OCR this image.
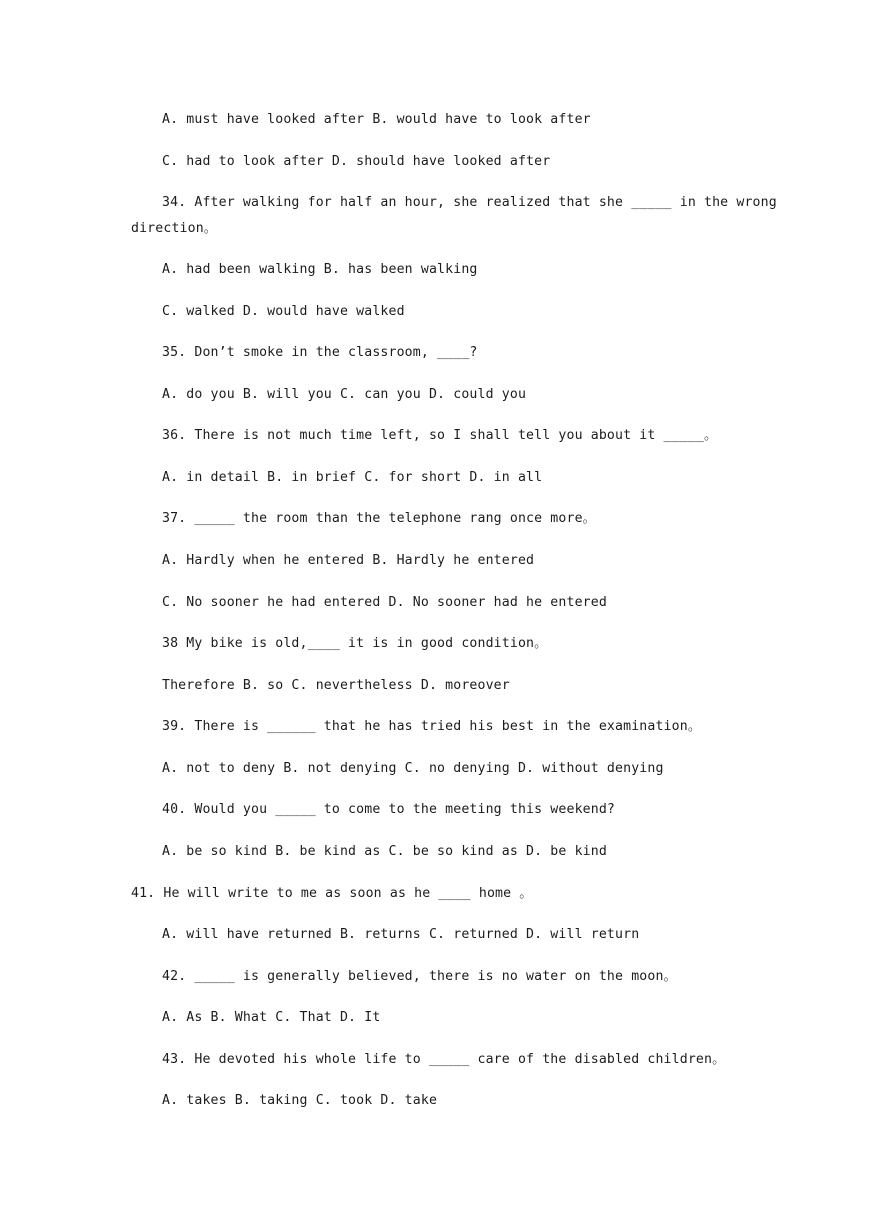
A. must have looked after B. would have to look after

C. had to look after D. should have looked after

34. After walking for half an hour, she realized that she _____ in the wrong

direction。

A. had been walking B. has been walking

C. walked D. would have walked

35. Don’t smoke in the classroom, ____?

A. do you B. will you C. can you D. could you

36. There is not much time left, so I shall tell you about it _____。

A. in detail B. in brief C. for short D. in all

37. _____ the room than the telephone rang once more。

A. Hardly when he entered B. Hardly he entered

C. No sooner he had entered D. No sooner had he entered

38 My bike is old,____ it is in good condition。

Therefore B. so C. nevertheless D. moreover

39. There is ______ that he has tried his best in the examination。

A. not to deny B. not denying C. no denying D. without denying

40. Would you _____ to come to the meeting this weekend?

A. be so kind B. be kind as C. be so kind as D. be kind

41. He will write to me as soon as he ____ home 。

A. will have returned B. returns C. returned D. will return

42. _____ is generally believed, there is no water on the moon。

A. As B. What C. That D. It

43. He devoted his whole life to _____ care of the disabled children。

A. takes B. taking C. took D. take
